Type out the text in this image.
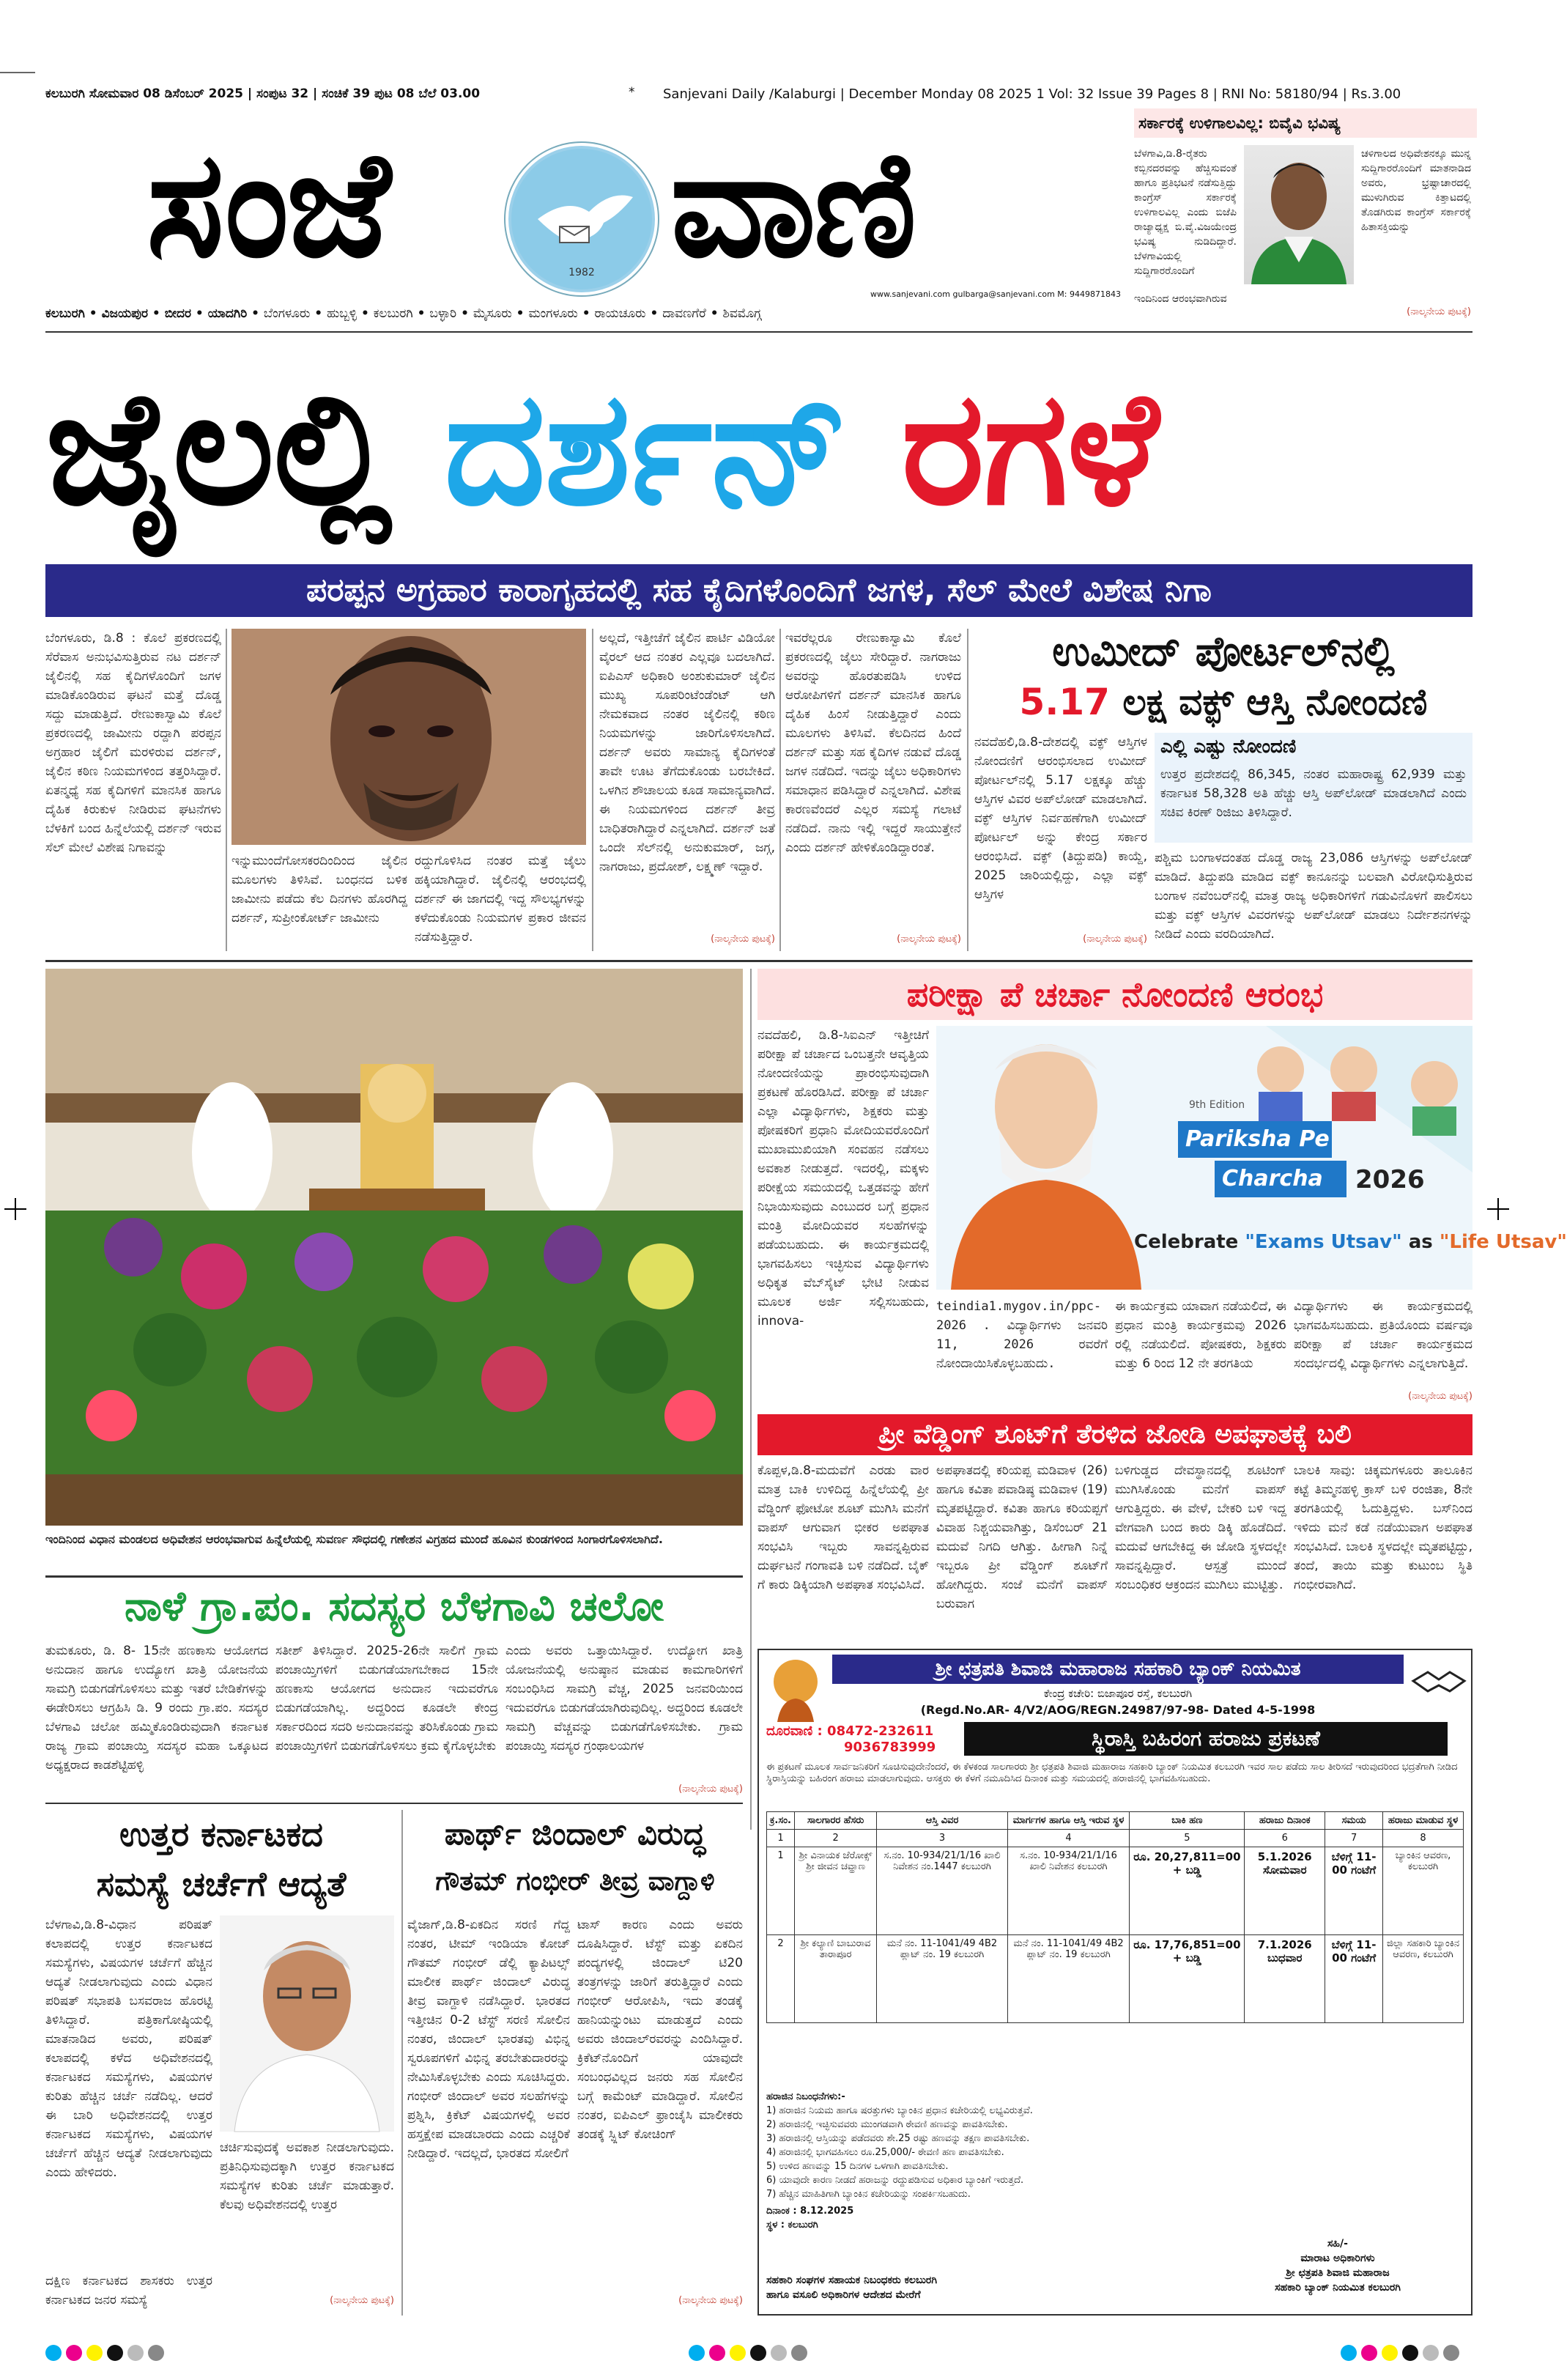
ಕಲಬುರಗಿ ಸೋಮವಾರ 08 ಡಿಸೆಂಬರ್ 2025 | ಸಂಪುಟ 32 | ಸಂಚಿಕೆ 39 ಪುಟ 08 ಬೆಲೆ 03.00	* Sanjevani Daily /Kalaburgi | December Monday 08 2025 1 Vol: 32 Issue 39 Pages 8 | RNI No: 58180/94 | Rs.3.00
ಸಂಜೆ	1982 ವಾಣಿ
www.sanjevani.com gulbarga@sanjevani.com M: 9449871843
ಕಲಬುರಗಿ • ವಿಜಯಪುರ • ಬೀದರ • ಯಾದಗಿರಿ • ಬೆಂಗಳೂರು • ಹುಬ್ಬಳ್ಳಿ • ಕಲಬುರಗಿ • ಬಳ್ಳಾರಿ • ಮೈಸೂರು • ಮಂಗಳೂರು • ರಾಯಚೂರು • ದಾವಣಗೆರೆ • ಶಿವಮೊಗ್ಗ
ಸರ್ಕಾರಕ್ಕೆ ಉಳಿಗಾಲವಿಲ್ಲ: ಬಿವೈವಿ ಭವಿಷ್ಯ
ಬೆಳಗಾವಿ,ಡಿ.8-ರೈತರು ಕಬ್ಬಿನದರವನ್ನು ಹೆಚ್ಚಿಸುವಂತೆ ಹಾಗೂ ಪ್ರತಿಭಟನೆ ನಡೆಸುತ್ತಿದ್ದು ಕಾಂಗ್ರೆಸ್ ಸರ್ಕಾರಕ್ಕೆ ಉಳಿಗಾಲವಿಲ್ಲ ಎಂದು ಬಿಜೆಪಿ ರಾಜ್ಯಾಧ್ಯಕ್ಷ ಬಿ.ವೈ.ವಿಜಯೇಂದ್ರ ಭವಿಷ್ಯ ನುಡಿದಿದ್ದಾರೆ. ಬೆಳಗಾವಿಯಲ್ಲಿ ಸುದ್ದಿಗಾರರೊಂದಿಗೆ
ಚಳಿಗಾಲದ ಅಧಿವೇಶನಕ್ಕೂ ಮುನ್ನ ಸುದ್ದಿಗಾರರೊಂದಿಗೆ ಮಾತನಾಡಿದ ಅವರು, ಭ್ರಷ್ಟಾಚಾರದಲ್ಲಿ ಮುಳುಗಿರುವ ಕಿತ್ತಾಟದಲ್ಲಿ ತೊಡಗಿರುವ ಕಾಂಗ್ರೆಸ್ ಸರ್ಕಾರಕ್ಕೆ ಹಿತಾಸಕ್ತಿಯನ್ನು
ಇಂದಿನಿಂದ ಆರಂಭವಾಗಿರುವ
(ನಾಲ್ಕನೇಯ ಪುಟಕ್ಕೆ)
ಜೈಲಲ್ಲಿ ದರ್ಶನ್ ರಗಳೆ
ಪರಪ್ಪನ ಅಗ್ರಹಾರ ಕಾರಾಗೃಹದಲ್ಲಿ ಸಹ ಕೈದಿಗಳೊಂದಿಗೆ ಜಗಳ, ಸೆಲ್ ಮೇಲೆ ವಿಶೇಷ ನಿಗಾ
ಬೆಂಗಳೂರು, ಡಿ.8 : ಕೊಲೆ ಪ್ರಕರಣದಲ್ಲಿ ಸೆರೆವಾಸ ಅನುಭವಿಸುತ್ತಿರುವ ನಟ ದರ್ಶನ್ ಜೈಲಿನಲ್ಲಿ ಸಹ ಕೈದಿಗಳೊಂದಿಗೆ ಜಗಳ ಮಾಡಿಕೊಂಡಿರುವ ಘಟನೆ ಮತ್ತೆ ದೊಡ್ಡ ಸದ್ದು ಮಾಡುತ್ತಿದೆ. ರೇಣುಕಾಸ್ವಾಮಿ ಕೊಲೆ ಪ್ರಕರಣದಲ್ಲಿ ಜಾಮೀನು ರದ್ದಾಗಿ ಪರಪ್ಪನ ಅಗ್ರಹಾರ ಜೈಲಿಗೆ ಮರಳಿರುವ ದರ್ಶನ್, ಜೈಲಿನ ಕಠಿಣ ನಿಯಮಗಳಿಂದ ತತ್ತರಿಸಿದ್ದಾರೆ. ಏತನ್ಮಧ್ಯೆ ಸಹ ಕೈದಿಗಳಿಗೆ ಮಾನಸಿಕ ಹಾಗೂ ದೈಹಿಕ ಕಿರುಕುಳ ನೀಡಿರುವ ಘಟನೆಗಳು ಬೆಳಕಿಗೆ ಬಂದ ಹಿನ್ನೆಲೆಯಲ್ಲಿ ದರ್ಶನ್ ಇರುವ ಸೆಲ್ ಮೇಲೆ ವಿಶೇಷ ನಿಗಾವನ್ನು
ಇನ್ನುಮುಂದೆಗೋಸಕರದಿಂದಿಂದ ಜೈಲಿನ ಮೂಲಗಳು ತಿಳಿಸಿವೆ. ಬಂಧನದ ಬಳಿಕ ಜಾಮೀನು ಪಡೆದು ಕೆಲ ದಿನಗಳು ಹೊರಗಿದ್ದ ದರ್ಶನ್, ಸುಪ್ರೀಂಕೋರ್ಟ್ ಜಾಮೀನು
ರದ್ದುಗೊಳಿಸಿದ ನಂತರ ಮತ್ತೆ ಜೈಲು ಹಕ್ಕಿಯಾಗಿದ್ದಾರೆ. ಜೈಲಿನಲ್ಲಿ ಆರಂಭದಲ್ಲಿ ದರ್ಶನ್ ಈ ಜಾಗದಲ್ಲಿ ಇದ್ದ ಸೌಲಭ್ಯಗಳನ್ನು ಕಳೆದುಕೊಂಡು ನಿಯಮಗಳ ಪ್ರಕಾರ ಜೀವನ ನಡೆಸುತ್ತಿದ್ದಾರೆ.
ಅಲ್ಲದೆ, ಇತ್ತೀಚೆಗೆ ಜೈಲಿನ ಪಾರ್ಟಿ ವಿಡಿಯೋ ವೈರಲ್ ಆದ ನಂತರ ಎಲ್ಲವೂ ಬದಲಾಗಿದೆ. ಐಪಿಎಸ್ ಅಧಿಕಾರಿ ಅಂಶುಕುಮಾರ್ ಜೈಲಿನ ಮುಖ್ಯ ಸೂಪರಿಂಟೆಂಡೆಂಟ್ ಆಗಿ ನೇಮಕವಾದ ನಂತರ ಜೈಲಿನಲ್ಲಿ ಕಠಿಣ ನಿಯಮಗಳನ್ನು ಜಾರಿಗೊಳಿಸಲಾಗಿದೆ. ದರ್ಶನ್ ಅವರು ಸಾಮಾನ್ಯ ಕೈದಿಗಳಂತೆ ತಾವೇ ಊಟ ತೆಗೆದುಕೊಂಡು ಬರಬೇಕಿದೆ. ಒಳಗಿನ ಶೌಚಾಲಯ ಕೂಡ ಸಾಮಾನ್ಯವಾಗಿದೆ. ಈ ನಿಯಮಗಳಿಂದ ದರ್ಶನ್ ತೀವ್ರ ಬಾಧಿತರಾಗಿದ್ದಾರೆ ಎನ್ನಲಾಗಿದೆ. ದರ್ಶನ್ ಜತೆ ಒಂದೇ ಸೆಲ್‌ನಲ್ಲಿ ಅನುಕುಮಾರ್, ಜಗ್ಗ, ನಾಗರಾಜು, ಪ್ರದೋಶ್, ಲಕ್ಷ್ಮಣ್ ಇದ್ದಾರೆ.
ಇವರೆಲ್ಲರೂ ರೇಣುಕಾಸ್ವಾಮಿ ಕೊಲೆ ಪ್ರಕರಣದಲ್ಲಿ ಜೈಲು ಸೇರಿದ್ದಾರೆ. ನಾಗರಾಜು ಅವರನ್ನು ಹೊರತುಪಡಿಸಿ ಉಳಿದ ಆರೋಪಿಗಳಿಗೆ ದರ್ಶನ್ ಮಾನಸಿಕ ಹಾಗೂ ದೈಹಿಕ ಹಿಂಸೆ ನೀಡುತ್ತಿದ್ದಾರೆ ಎಂದು ಮೂಲಗಳು ತಿಳಿಸಿವೆ. ಕೆಲದಿನದ ಹಿಂದೆ ದರ್ಶನ್ ಮತ್ತು ಸಹ ಕೈದಿಗಳ ನಡುವೆ ದೊಡ್ಡ ಜಗಳ ನಡೆದಿದೆ. ಇದನ್ನು ಜೈಲು ಅಧಿಕಾರಿಗಳು ಸಮಾಧಾನ ಪಡಿಸಿದ್ದಾರೆ ಎನ್ನಲಾಗಿದೆ. ವಿಶೇಷ ಕಾರಣವೆಂದರೆ ಎಲ್ಲರ ಸಮಸ್ಯೆ ಗಲಾಟೆ ನಡೆದಿದೆ. ನಾನು ಇಲ್ಲಿ ಇದ್ದರೆ ಸಾಯುತ್ತೇನೆ ಎಂದು ದರ್ಶನ್ ಹೇಳಿಕೊಂಡಿದ್ದಾರಂತೆ.
(ನಾಲ್ಕನೇಯ ಪುಟಕ್ಕೆ)	(ನಾಲ್ಕನೇಯ ಪುಟಕ್ಕೆ)
ಉಮೀದ್ ಪೋರ್ಟಲ್‌ನಲ್ಲಿ
5.17 ಲಕ್ಷ ವಕ್ಫ್ ಆಸ್ತಿ ನೋಂದಣಿ
ನವದೆಹಲಿ,ಡಿ.8-ದೇಶದಲ್ಲಿ ವಕ್ಫ್ ಆಸ್ತಿಗಳ ನೋಂದಣಿಗೆ ಆರಂಭಿಸಲಾದ ಉಮೀದ್ ಪೋರ್ಟಲ್‌ನಲ್ಲಿ 5.17 ಲಕ್ಷಕ್ಕೂ ಹೆಚ್ಚು ಆಸ್ತಿಗಳ ವಿವರ ಅಪ್‌ಲೋಡ್ ಮಾಡಲಾಗಿದೆ. ವಕ್ಫ್ ಆಸ್ತಿಗಳ ನಿರ್ವಹಣೆಗಾಗಿ ಉಮೀದ್ ಪೋರ್ಟಲ್ ಅನ್ನು ಕೇಂದ್ರ ಸರ್ಕಾರ ಆರಂಭಿಸಿದೆ. ವಕ್ಫ್ (ತಿದ್ದುಪಡಿ) ಕಾಯ್ದೆ, 2025 ಜಾರಿಯಲ್ಲಿದ್ದು, ಎಲ್ಲಾ ವಕ್ಫ್ ಆಸ್ತಿಗಳ
ಎಲ್ಲಿ ಎಷ್ಟು ನೋಂದಣಿ
ಉತ್ತರ ಪ್ರದೇಶದಲ್ಲಿ 86,345, ನಂತರ ಮಹಾರಾಷ್ಟ್ರ 62,939 ಮತ್ತು ಕರ್ನಾಟಕ 58,328 ಅತಿ ಹೆಚ್ಚು ಆಸ್ತಿ ಅಪ್‌ಲೋಡ್ ಮಾಡಲಾಗಿದೆ ಎಂದು ಸಚಿವ ಕಿರಣ್ ರಿಜಿಜು ತಿಳಿಸಿದ್ದಾರೆ.
ಪಶ್ಚಿಮ ಬಂಗಾಳದಂತಹ ದೊಡ್ಡ ರಾಜ್ಯ 23,086 ಆಸ್ತಿಗಳನ್ನು ಅಪ್‌ಲೋಡ್ ಮಾಡಿದೆ. ತಿದ್ದುಪಡಿ ಮಾಡಿದ ವಕ್ಫ್ ಕಾನೂನನ್ನು ಬಲವಾಗಿ ವಿರೋಧಿಸುತ್ತಿರುವ ಬಂಗಾಳ ನವೆಂಬರ್‌ನಲ್ಲಿ ಮಾತ್ರ ರಾಜ್ಯ ಅಧಿಕಾರಿಗಳಿಗೆ ಗಡುವಿನೊಳಗೆ ಪಾಲಿಸಲು ಮತ್ತು ವಕ್ಫ್ ಆಸ್ತಿಗಳ ವಿವರಗಳನ್ನು ಅಪ್‌ಲೋಡ್ ಮಾಡಲು ನಿರ್ದೇಶನಗಳನ್ನು ನೀಡಿದೆ ಎಂದು ವರದಿಯಾಗಿದೆ.
(ನಾಲ್ಕನೇಯ ಪುಟಕ್ಕೆ)
ಇಂದಿನಿಂದ ವಿಧಾನ ಮಂಡಲದ ಅಧಿವೇಶನ ಆರಂಭವಾಗುವ ಹಿನ್ನೆಲೆಯಲ್ಲಿ ಸುವರ್ಣ ಸೌಧದಲ್ಲಿ ಗಣೇಶನ ವಿಗ್ರಹದ ಮುಂದೆ ಹೂವಿನ ಕುಂಡಗಳಿಂದ ಸಿಂಗಾರಗೊಳಿಸಲಾಗಿದೆ.
ಪರೀಕ್ಷಾ ಪೆ ಚರ್ಚಾ ನೋಂದಣಿ ಆರಂಭ
ನವದೆಹಲಿ, ಡಿ.8-ಸಿಐಎನ್ ಇತ್ತೀಚಿಗೆ ಪರೀಕ್ಷಾ ಪೆ ಚರ್ಚಾದ ಒಂಬತ್ತನೇ ಆವೃತ್ತಿಯ ನೋಂದಣಿಯನ್ನು ಪ್ರಾರಂಭಿಸುವುದಾಗಿ ಪ್ರಕಟಣೆ ಹೊರಡಿಸಿದೆ. ಪರೀಕ್ಷಾ ಪೆ ಚರ್ಚಾ ಎಲ್ಲಾ ವಿದ್ಯಾರ್ಥಿಗಳು, ಶಿಕ್ಷಕರು ಮತ್ತು ಪೋಷಕರಿಗೆ ಪ್ರಧಾನಿ ಮೋದಿಯವರೊಂದಿಗೆ ಮುಖಾಮುಖಿಯಾಗಿ ಸಂವಹನ ನಡೆಸಲು ಅವಕಾಶ ನೀಡುತ್ತದೆ. ಇದರಲ್ಲಿ, ಮಕ್ಕಳು ಪರೀಕ್ಷೆಯ ಸಮಯದಲ್ಲಿ ಒತ್ತಡವನ್ನು ಹೇಗೆ ನಿಭಾಯಿಸುವುದು ಎಂಬುದರ ಬಗ್ಗೆ ಪ್ರಧಾನ ಮಂತ್ರಿ ಮೋದಿಯವರ ಸಲಹೆಗಳನ್ನು ಪಡೆಯಬಹುದು. ಈ ಕಾರ್ಯಕ್ರಮದಲ್ಲಿ ಭಾಗವಹಿಸಲು ಇಚ್ಛಿಸುವ ವಿದ್ಯಾರ್ಥಿಗಳು ಅಧಿಕೃತ ವೆಬ್‌ಸೈಟ್ ಭೇಟಿ ನೀಡುವ ಮೂಲಕ ಅರ್ಜಿ ಸಲ್ಲಿಸಬಹುದು, innova-
9th Edition
Pariksha Pe
Charcha	2026
Celebrate "Exams Utsav" as "Life Utsav"
teindia1.mygov.in/ppc-2026 . ವಿದ್ಯಾರ್ಥಿಗಳು ಜನವರಿ 11, 2026 ರವರೆಗೆ ನೋಂದಾಯಿಸಿಕೊಳ್ಳಬಹುದು.
ಈ ಕಾರ್ಯಕ್ರಮ ಯಾವಾಗ ನಡೆಯಲಿದೆ, ಈ ಪ್ರಧಾನ ಮಂತ್ರಿ ಕಾರ್ಯಕ್ರಮವು 2026 ರಲ್ಲಿ ನಡೆಯಲಿದೆ. ಪೋಷಕರು, ಶಿಕ್ಷಕರು ಮತ್ತು 6 ರಿಂದ 12 ನೇ ತರಗತಿಯ
ವಿದ್ಯಾರ್ಥಿಗಳು ಈ ಕಾರ್ಯಕ್ರಮದಲ್ಲಿ ಭಾಗವಹಿಸಬಹುದು. ಪ್ರತಿಯೊಂದು ವರ್ಷವೂ ಪರೀಕ್ಷಾ ಪೆ ಚರ್ಚಾ ಕಾರ್ಯಕ್ರಮದ ಸಂದರ್ಭದಲ್ಲಿ ವಿದ್ಯಾರ್ಥಿಗಳು ಎನ್ನಲಾಗುತ್ತಿದೆ.
(ನಾಲ್ಕನೇಯ ಪುಟಕ್ಕೆ)
ಪ್ರೀ ವೆಡ್ಡಿಂಗ್ ಶೂಟ್‌ಗೆ ತೆರಳಿದ ಜೋಡಿ ಅಪಘಾತಕ್ಕೆ ಬಲಿ
ಕೊಪ್ಪಳ,ಡಿ.8-ಮದುವೆಗೆ ಎರಡು ವಾರ ಮಾತ್ರ ಬಾಕಿ ಉಳಿದಿದ್ದ ಹಿನ್ನೆಲೆಯಲ್ಲಿ ಪ್ರೀ ವೆಡ್ಡಿಂಗ್ ಫೋಟೋ ಶೂಟ್ ಮುಗಿಸಿ ಮನೆಗೆ ವಾಪಸ್ ಆಗುವಾಗ ಭೀಕರ ಅಪಘಾತ ಸಂಭವಿಸಿ ಇಬ್ಬರು ಸಾವನ್ನಪ್ಪಿರುವ ದುರ್ಘಟನೆ ಗಂಗಾವತಿ ಬಳಿ ನಡೆದಿದೆ. ಬೈಕ್ ಗೆ ಕಾರು ಡಿಕ್ಕಿಯಾಗಿ ಅಪಘಾತ ಸಂಭವಿಸಿದೆ.
ಅಪಘಾತದಲ್ಲಿ ಕರಿಯಪ್ಪ ಮಡಿವಾಳ (26) ಹಾಗೂ ಕವಿತಾ ಪವಾಡಿಷ್ಠ ಮಡಿವಾಳ (19) ಮೃತಪಟ್ಟಿದ್ದಾರೆ. ಕವಿತಾ ಹಾಗೂ ಕರಿಯಪ್ಪಗೆ ವಿವಾಹ ನಿಶ್ಚಯವಾಗಿತ್ತು, ಡಿಸೆಂಬರ್ 21 ಮದುವೆ ನಿಗದಿ ಆಗಿತ್ತು. ಹೀಗಾಗಿ ನಿನ್ನೆ ಇಬ್ಬರೂ ಪ್ರೀ ವೆಡ್ಡಿಂಗ್ ಶೂಟ್‌ಗೆ ಹೋಗಿದ್ದರು. ಸಂಜೆ ಮನೆಗೆ ವಾಪಸ್ ಬರುವಾಗ
ಬಳಿಗುಡ್ಡದ ದೇವಸ್ಥಾನದಲ್ಲಿ ಶೂಟಿಂಗ್ ಮುಗಿಸಿಕೊಂಡು ಮನೆಗೆ ವಾಪಸ್ ಆಗುತ್ತಿದ್ದರು. ಈ ವೇಳೆ, ಬೇಕರಿ ಬಳಿ ಇದ್ದ ವೇಗವಾಗಿ ಬಂದ ಕಾರು ಡಿಕ್ಕಿ ಹೊಡೆದಿದೆ. ಮದುವೆ ಆಗಬೇಕಿದ್ದ ಈ ಜೋಡಿ ಸ್ಥಳದಲ್ಲೇ ಸಾವನ್ನಪ್ಪಿದ್ದಾರೆ. ಆಸ್ಪತ್ರೆ ಮುಂದೆ ಸಂಬಂಧಿಕರ ಆಕ್ರಂದನ ಮುಗಿಲು ಮುಟ್ಟಿತ್ತು.
ಬಾಲಕಿ ಸಾವು: ಚಿಕ್ಕಮಗಳೂರು ತಾಲೂಕಿನ ಕಟ್ಟೆ ತಿಮ್ಮನಹಳ್ಳಿ ಕ್ರಾಸ್ ಬಳಿ ರಂಜಿತಾ, 8ನೇ ತರಗತಿಯಲ್ಲಿ ಓದುತ್ತಿದ್ದಳು. ಬಸ್‌ನಿಂದ ಇಳಿದು ಮನೆ ಕಡೆ ನಡೆಯುವಾಗ ಅಪಘಾತ ಸಂಭವಿಸಿದೆ. ಬಾಲಕಿ ಸ್ಥಳದಲ್ಲೇ ಮೃತಪಟ್ಟಿದ್ದು, ತಂದೆ, ತಾಯಿ ಮತ್ತು ಕುಟುಂಬ ಸ್ಥಿತಿ ಗಂಭೀರವಾಗಿದೆ.
ನಾಳೆ ಗ್ರಾ.ಪಂ. ಸದಸ್ಯರ ಬೆಳಗಾವಿ ಚಲೋ
ತುಮಕೂರು, ಡಿ. 8- 15ನೇ ಹಣಕಾಸು ಆಯೋಗದ ಅನುದಾನ ಹಾಗೂ ಉದ್ಯೋಗ ಖಾತ್ರಿ ಯೋಜನೆಯ ಸಾಮಗ್ರಿ ಬಿಡುಗಡೆಗೊಳಿಸಲು ಮತ್ತು ಇತರೆ ಬೇಡಿಕೆಗಳನ್ನು ಈಡೇರಿಸಲು ಆಗ್ರಹಿಸಿ ಡಿ. 9 ರಂದು ಗ್ರಾ.ಪಂ. ಸದಸ್ಯರ ಬೆಳಗಾವಿ ಚಲೋ ಹಮ್ಮಿಕೊಂಡಿರುವುದಾಗಿ ಕರ್ನಾಟಕ ರಾಜ್ಯ ಗ್ರಾಮ ಪಂಚಾಯ್ತಿ ಸದಸ್ಯರ ಮಹಾ ಒಕ್ಕೂಟದ ಅಧ್ಯಕ್ಷರಾದ ಕಾಡಶೆಟ್ಟಿಹಳ್ಳಿ
ಸತೀಶ್ ತಿಳಿಸಿದ್ದಾರೆ. 2025-26ನೇ ಸಾಲಿಗೆ ಗ್ರಾಮ ಪಂಚಾಯ್ತಿಗಳಿಗೆ ಬಿಡುಗಡೆಯಾಗಬೇಕಾದ 15ನೇ ಹಣಕಾಸು ಆಯೋಗದ ಅನುದಾನ ಇದುವರೆಗೂ ಬಿಡುಗಡೆಯಾಗಿಲ್ಲ. ಅದ್ದರಿಂದ ಕೂಡಲೇ ಕೇಂದ್ರ ಸರ್ಕಾರದಿಂದ ಸದರಿ ಅನುದಾನವನ್ನು ತರಿಸಿಕೊಂಡು ಗ್ರಾಮ ಪಂಚಾಯ್ತಿಗಳಿಗೆ ಬಿಡುಗಡೆಗೊಳಿಸಲು ಕ್ರಮ ಕೈಗೊಳ್ಳಬೇಕು
ಎಂದು ಅವರು ಒತ್ತಾಯಿಸಿದ್ದಾರೆ. ಉದ್ಯೋಗ ಖಾತ್ರಿ ಯೋಜನೆಯಲ್ಲಿ ಅನುಷ್ಠಾನ ಮಾಡುವ ಕಾಮಗಾರಿಗಳಿಗೆ ಸಂಬಂಧಿಸಿದ ಸಾಮಗ್ರಿ ವೆಚ್ಚ, 2025 ಜನವರಿಯಿಂದ ಇದುವರೆಗೂ ಬಿಡುಗಡೆಯಾಗಿರುವುದಿಲ್ಲ. ಅದ್ದರಿಂದ ಕೂಡಲೇ ಸಾಮಗ್ರಿ ವೆಚ್ಚವನ್ನು ಬಿಡುಗಡೆಗೊಳಿಸಬೇಕು. ಗ್ರಾಮ ಪಂಚಾಯ್ತಿ ಸದಸ್ಯರ ಗ್ರಂಥಾಲಯಗಳ
(ನಾಲ್ಕನೇಯ ಪುಟಕ್ಕೆ)
ಉತ್ತರ ಕರ್ನಾಟಕದ
ಸಮಸ್ಯೆ ಚರ್ಚೆಗೆ ಆದ್ಯತೆ
ಬೆಳಗಾವಿ,ಡಿ.8-ವಿಧಾನ ಪರಿಷತ್ ಕಲಾಪದಲ್ಲಿ ಉತ್ತರ ಕರ್ನಾಟಕದ ಸಮಸ್ಯೆಗಳು, ವಿಷಯಗಳ ಚರ್ಚೆಗೆ ಹೆಚ್ಚಿನ ಆದ್ಯತೆ ನೀಡಲಾಗುವುದು ಎಂದು ವಿಧಾನ ಪರಿಷತ್ ಸಭಾಪತಿ ಬಸವರಾಜ ಹೊರಟ್ಟಿ ತಿಳಿಸಿದ್ದಾರೆ. ಪತ್ರಿಕಾಗೋಷ್ಠಿಯಲ್ಲಿ ಮಾತನಾಡಿದ ಅವರು, ಪರಿಷತ್ ಕಲಾಪದಲ್ಲಿ ಕಳೆದ ಅಧಿವೇಶನದಲ್ಲಿ ಕರ್ನಾಟಕದ ಸಮಸ್ಯೆಗಳು, ವಿಷಯಗಳ ಕುರಿತು ಹೆಚ್ಚಿನ ಚರ್ಚೆ ನಡೆದಿಲ್ಲ. ಆದರೆ ಈ ಬಾರಿ ಅಧಿವೇಶನದಲ್ಲಿ ಉತ್ತರ ಕರ್ನಾಟಕದ ಸಮಸ್ಯೆಗಳು, ವಿಷಯಗಳ ಚರ್ಚೆಗೆ ಹೆಚ್ಚಿನ ಆದ್ಯತೆ ನೀಡಲಾಗುವುದು ಎಂದು ಹೇಳಿದರು.
ದಕ್ಷಿಣ ಕರ್ನಾಟಕದ ಶಾಸಕರು ಉತ್ತರ ಕರ್ನಾಟಕದ ಜನರ ಸಮಸ್ಯೆ
ಚರ್ಚಿಸುವುದಕ್ಕೆ ಅವಕಾಶ ನೀಡಲಾಗುವುದು. ಪ್ರತಿನಿಧಿಸುವುದಕ್ಕಾಗಿ ಉತ್ತರ ಕರ್ನಾಟಕದ ಸಮಸ್ಯೆಗಳ ಕುರಿತು ಚರ್ಚೆ ಮಾಡುತ್ತಾರೆ. ಕೆಲವು ಅಧಿವೇಶನದಲ್ಲಿ ಉತ್ತರ
(ನಾಲ್ಕನೇಯ ಪುಟಕ್ಕೆ)
ಪಾರ್ಥ್ ಜಿಂದಾಲ್ ವಿರುದ್ಧ
ಗೌತಮ್ ಗಂಭೀರ್ ತೀವ್ರ ವಾಗ್ದಾಳಿ
ವೈಜಾಗ್,ಡಿ.8-ಏಕದಿನ ಸರಣಿ ಗೆದ್ದ ನಂತರ, ಟೀಮ್ ಇಂಡಿಯಾ ಕೋಚ್ ಗೌತಮ್ ಗಂಭೀರ್ ಡೆಲ್ಲಿ ಕ್ಯಾಪಿಟಲ್ಸ್ ಮಾಲೀಕ ಪಾರ್ಥ್ ಜಿಂದಾಲ್ ವಿರುದ್ಧ ತೀವ್ರ ವಾಗ್ದಾಳಿ ನಡೆಸಿದ್ದಾರೆ. ಭಾರತದ ಇತ್ತೀಚಿನ 0-2 ಟೆಸ್ಟ್ ಸರಣಿ ಸೋಲಿನ ನಂತರ, ಜಿಂದಾಲ್ ಭಾರತವು ವಿಭಿನ್ನ ಸ್ವರೂಪಗಳಿಗೆ ವಿಭಿನ್ನ ತರಬೇತುದಾರರನ್ನು ನೇಮಿಸಿಕೊಳ್ಳಬೇಕು ಎಂದು ಸೂಚಿಸಿದ್ದರು. ಗಂಭೀರ್ ಜಿಂದಾಲ್ ಅವರ ಸಲಹೆಗಳನ್ನು ಪ್ರಶ್ನಿಸಿ, ಕ್ರಿಕೆಟ್ ವಿಷಯಗಳಲ್ಲಿ ಅವರ ಹಸ್ತಕ್ಷೇಪ ಮಾಡಬಾರದು ಎಂದು ಎಚ್ಚರಿಕೆ ನೀಡಿದ್ದಾರೆ. ಇದಲ್ಲದೆ, ಭಾರತದ ಸೋಲಿಗೆ
ಟಾಸ್ ಕಾರಣ ಎಂದು ಅವರು ದೂಷಿಸಿದ್ದಾರೆ. ಟೆಸ್ಟ್ ಮತ್ತು ಏಕದಿನ ಪಂದ್ಯಗಳಲ್ಲಿ ಜಿಂದಾಲ್ ಟಿ20 ತಂತ್ರಗಳನ್ನು ಜಾರಿಗೆ ತರುತ್ತಿದ್ದಾರೆ ಎಂದು ಗಂಭೀರ್ ಆರೋಪಿಸಿ, ಇದು ತಂಡಕ್ಕೆ ಹಾನಿಯನ್ನುಂಟು ಮಾಡುತ್ತದೆ ಎಂದು ಅವರು ಜಿಂದಾಲ್‌ರವರನ್ನು ಎಂದಿಸಿದ್ದಾರೆ. ಕ್ರಿಕೆಟ್‌ನೊಂದಿಗೆ ಯಾವುದೇ ಸಂಬಂಧವಿಲ್ಲದ ಜನರು ಸಹ ಸೋಲಿನ ಬಗ್ಗೆ ಕಾಮೆಂಟ್ ಮಾಡಿದ್ದಾರೆ. ಸೋಲಿನ ನಂತರ, ಐಪಿಎಲ್ ಫ್ರಾಂಚೈಸಿ ಮಾಲೀಕರು ತಂಡಕ್ಕೆ ಸ್ಪ್ಲಿಟ್ ಕೋಚಿಂಗ್
(ನಾಲ್ಕನೇಯ ಪುಟಕ್ಕೆ)
ಶ್ರೀ ಛತ್ರಪತಿ ಶಿವಾಜಿ ಮಹಾರಾಜ ಸಹಕಾರಿ ಬ್ಯಾಂಕ್ ನಿಯಮಿತ
ಕೇಂದ್ರ ಕಚೇರಿ: ಬಿಜಾಪೂರ ರಸ್ತೆ, ಕಲಬುರಗಿ
(Regd.No.AR- 4/V2/AOG/REGN.24987/97-98- Dated 4-5-1998
ದೂರವಾಣಿ : 08472-232611
9036783999	ಸ್ಥಿರಾಸ್ತಿ ಬಹಿರಂಗ ಹರಾಜು ಪ್ರಕಟಣೆ
ಈ ಪ್ರಕಟಣೆ ಮೂಲಕ ಸಾರ್ವಜನಿಕರಿಗೆ ಸೂಚಿಸುವುದೇನೆಂದರೆ, ಈ ಕೆಳಕಂಡ ಸಾಲಗಾರರು ಶ್ರೀ ಛತ್ರಪತಿ ಶಿವಾಜಿ ಮಹಾರಾಜ ಸಹಕಾರಿ ಬ್ಯಾಂಕ್ ನಿಯಮಿತ ಕಲಬುರಗಿ ಇವರ ಸಾಲ ಪಡೆದು ಸಾಲ ತೀರಿಸದೆ ಇರುವುದರಿಂದ ಭದ್ರತೆಗಾಗಿ ನೀಡಿದ ಸ್ಥಿರಾಸ್ತಿಯನ್ನು ಬಹಿರಂಗ ಹರಾಜು ಮಾಡಲಾಗುವುದು. ಆಸಕ್ತರು ಈ ಕೆಳಗೆ ನಮೂದಿಸಿದ ದಿನಾಂಕ ಮತ್ತು ಸಮಯದಲ್ಲಿ ಹರಾಜಿನಲ್ಲಿ ಭಾಗವಹಿಸಬಹುದು.
ಕ್ರ.ಸಂ.	ಸಾಲಗಾರರ ಹೆಸರು	ಆಸ್ತಿ ವಿವರ	ಮಾರ್ಗಗಳ ಹಾಗೂ ಆಸ್ತಿ ಇರುವ ಸ್ಥಳ	ಬಾಕಿ ಹಣ	ಹರಾಜು ದಿನಾಂಕ	ಸಮಯ	ಹರಾಜು ಮಾಡುವ ಸ್ಥಳ
1	2	3	4	5	6	7	8
1	ಶ್ರೀ ವಿನಾಯಕ ಜೆರೋಕ್ಸ್ ಶ್ರೀ ಜೀವನ ಚವ್ಹಾಣ	ಸ.ನಂ. 10-934/21/1/16 ಖಾಲಿ ನಿವೇಶನ ನಂ.1447 ಕಲಬುರಗಿ	ಸ.ನಂ. 10-934/21/1/16 ಖಾಲಿ ನಿವೇಶನ ಕಲಬುರಗಿ	ರೂ. 20,27,811=00 + ಬಡ್ಡಿ	5.1.2026 ಸೋಮವಾರ	ಬೆಳಿಗ್ಗೆ 11-00 ಗಂಟೆಗೆ	ಬ್ಯಾಂಕಿನ ಆವರಣ, ಕಲಬುರಗಿ
2	ಶ್ರೀ ಕಲ್ಯಾಣಿ ಬಾಬುರಾವ ತಾರಾಪೂರ	ಮನೆ ನಂ. 11-1041/49 4B2 ಪ್ಲಾಟ್ ನಂ. 19 ಕಲಬುರಗಿ	ಮನೆ ನಂ. 11-1041/49 4B2 ಪ್ಲಾಟ್ ನಂ. 19 ಕಲಬುರಗಿ	ರೂ. 17,76,851=00 + ಬಡ್ಡಿ	7.1.2026 ಬುಧವಾರ	ಬೆಳಿಗ್ಗೆ 11-00 ಗಂಟೆಗೆ	ಜಿಲ್ಲಾ ಸಹಕಾರಿ ಬ್ಯಾಂಕಿನ ಆವರಣ, ಕಲಬುರಗಿ
ಹರಾಜಿನ ನಿಬಂಧನೆಗಳು:-
1) ಹರಾಜಿನ ನಿಯಮ ಹಾಗೂ ಷರತ್ತುಗಳು ಬ್ಯಾಂಕಿನ ಪ್ರಧಾನ ಕಚೇರಿಯಲ್ಲಿ ಲಭ್ಯವಿರುತ್ತವೆ.
2) ಹರಾಜಿನಲ್ಲಿ ಇಚ್ಛಿಸುವವರು ಮುಂಗಡವಾಗಿ ಠೇವಣಿ ಹಣವನ್ನು ಪಾವತಿಸಬೇಕು.
3) ಹರಾಜಿನಲ್ಲಿ ಆಸ್ತಿಯನ್ನು ಪಡೆದವರು ಶೇ.25 ರಷ್ಟು ಹಣವನ್ನು ತಕ್ಷಣ ಪಾವತಿಸಬೇಕು.
4) ಹರಾಜಿನಲ್ಲಿ ಭಾಗವಹಿಸಲು ರೂ.25,000/- ಠೇವಣಿ ಹಣ ಪಾವತಿಸಬೇಕು.
5) ಉಳಿದ ಹಣವನ್ನು 15 ದಿನಗಳ ಒಳಗಾಗಿ ಪಾವತಿಸಬೇಕು.
6) ಯಾವುದೇ ಕಾರಣ ನೀಡದೆ ಹರಾಜನ್ನು ರದ್ದುಪಡಿಸುವ ಅಧಿಕಾರ ಬ್ಯಾಂಕಿಗೆ ಇರುತ್ತದೆ.
7) ಹೆಚ್ಚಿನ ಮಾಹಿತಿಗಾಗಿ ಬ್ಯಾಂಕಿನ ಕಚೇರಿಯನ್ನು ಸಂಪರ್ಕಿಸಬಹುದು.
ದಿನಾಂಕ : 8.12.2025
ಸ್ಥಳ : ಕಲಬುರಗಿ
ಸಹಕಾರಿ ಸಂಘಗಳ ಸಹಾಯಕ ನಿಬಂಧಕರು ಕಲಬುರಗಿ
ಹಾಗೂ ವಸೂಲಿ ಅಧಿಕಾರಿಗಳ ಆದೇಶದ ಮೇರೆಗೆ
ಸಹಿ/-
ಮಾರಾಟ ಅಧಿಕಾರಿಗಳು
ಶ್ರೀ ಛತ್ರಪತಿ ಶಿವಾಜಿ ಮಹಾರಾಜ
ಸಹಕಾರಿ ಬ್ಯಾಂಕ್ ನಿಯಮಿತ ಕಲಬುರಗಿ
